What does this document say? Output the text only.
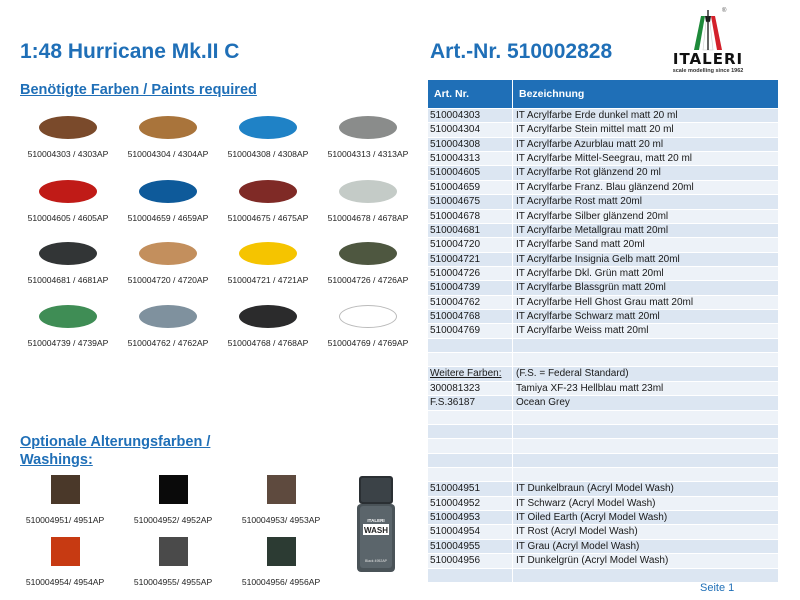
1:48 Hurricane Mk.II C	Art.-Nr. 510002828
®
ITALERI
scale modelling since 1962
Benötigte Farben / Paints required
510004303 / 4303AP	510004304 / 4304AP	510004308 / 4308AP	510004313 / 4313AP
510004605 / 4605AP	510004659 / 4659AP	510004675 / 4675AP	510004678 / 4678AP
510004681 / 4681AP	510004720 / 4720AP	510004721 / 4721AP	510004726 / 4726AP
510004739 / 4739AP	510004762 / 4762AP	510004768 / 4768AP	510004769 / 4769AP
Optionale Alterungsfarben /
Washings:
510004951/ 4951AP	510004952/ 4952AP	510004953/ 4953AP
510004954/ 4954AP	510004955/ 4955AP	510004956/ 4956AP
ITALERI
WASH
Black 4952AP
Art. Nr.	Bezeichnung
510004303	IT Acrylfarbe Erde dunkel matt 20 ml
510004304	IT Acrylfarbe Stein mittel matt 20 ml
510004308	IT Acrylfarbe Azurblau matt 20 ml
510004313	IT Acrylfarbe Mittel-Seegrau, matt 20 ml
510004605	IT Acrylfarbe Rot glänzend 20 ml
510004659	IT Acrylfarbe Franz. Blau glänzend 20ml
510004675	IT Acrylfarbe Rost matt 20ml
510004678	IT Acrylfarbe Silber glänzend 20ml
510004681	IT Acrylfarbe Metallgrau matt 20ml
510004720	IT Acrylfarbe Sand matt 20ml
510004721	IT Acrylfarbe Insignia Gelb matt 20ml
510004726	IT Acrylfarbe Dkl. Grün matt 20ml
510004739	IT Acrylfarbe Blassgrün matt 20ml
510004762	IT Acrylfarbe Hell Ghost Grau matt 20ml
510004768	IT Acrylfarbe Schwarz matt 20ml
510004769	IT Acrylfarbe Weiss matt 20ml
Weitere Farben:	(F.S. = Federal Standard)
300081323	Tamiya XF-23 Hellblau matt 23ml
F.S.36187	Ocean Grey
510004951	IT Dunkelbraun (Acryl Model Wash)
510004952	IT Schwarz (Acryl Model Wash)
510004953	IT Oiled Earth (Acryl Model Wash)
510004954	IT Rost (Acryl Model Wash)
510004955	IT Grau (Acryl Model Wash)
510004956	IT Dunkelgrün (Acryl Model Wash)
Seite 1
